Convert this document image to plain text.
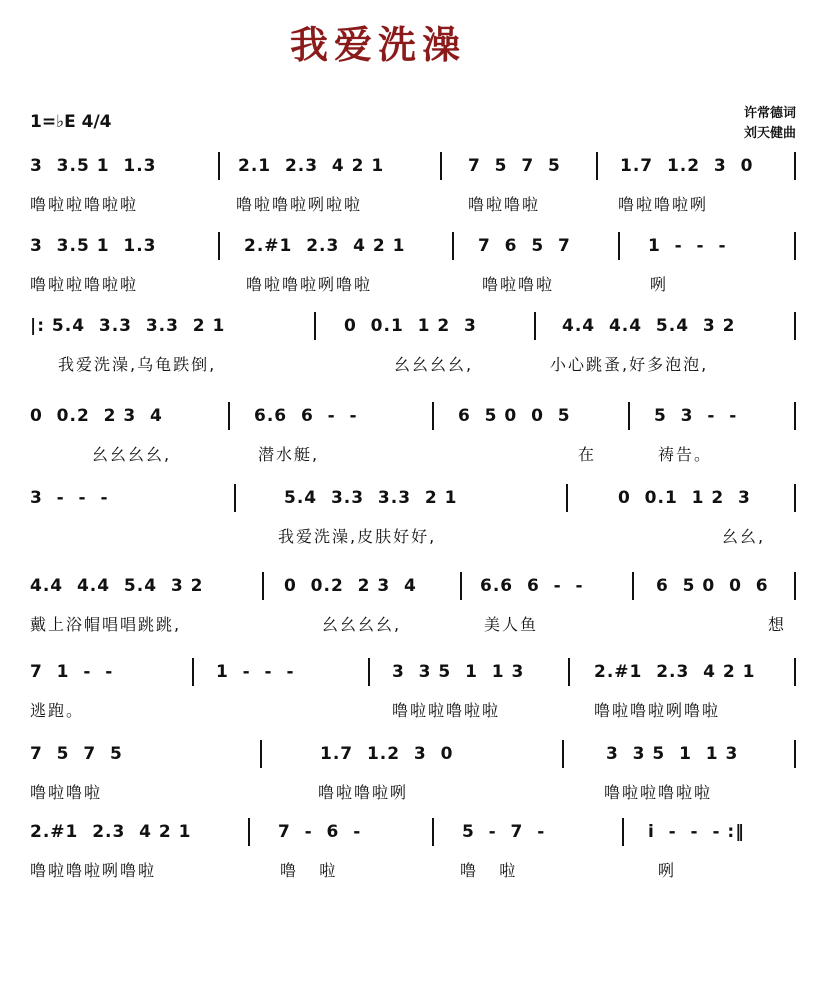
我爱洗澡
1=♭E 4/4	许常德词
刘天健曲

3  3.5 1  1.3

	2.1  2.3  4 2 1

	7  5  7  5

	1.7  1.2  3  0

噜啦啦噜啦啦

	噜啦噜啦咧啦啦

	噜啦噜啦

	噜啦噜啦咧

3  3.5 1  1.3

	2.#1  2.3  4 2 1

	7  6  5  7

	1  -  -  -

噜啦啦噜啦啦

	噜啦噜啦咧噜啦

	噜啦噜啦

	咧

|: 5.4  3.3  3.3  2 1

	0  0.1  1 2  3

	4.4  4.4  5.4  3 2

我爱洗澡,乌龟跌倒,

	幺幺幺幺,

	小心跳蚤,好多泡泡,

0  0.2  2 3  4

	6.6  6  -  -

	6  5 0  0  5

	5  3  -  -

幺幺幺幺,

	潜水艇,

	在

	祷告。

3  -  -  -

	5.4  3.3  3.3  2 1

	0  0.1  1 2  3

我爱洗澡,皮肤好好,

	幺幺,

4.4  4.4  5.4  3 2

	0  0.2  2 3  4

	6.6  6  -  -

	6  5 0  0  6

戴上浴帽唱唱跳跳,

	幺幺幺幺,

	美人鱼

	想

7  1  -  -

	1  -  -  -

	3  3 5  1  1 3

	2.#1  2.3  4 2 1

逃跑。

	噜啦啦噜啦啦

	噜啦噜啦咧噜啦

7  5  7  5

	1.7  1.2  3  0

	3  3 5  1  1 3

噜啦噜啦

	噜啦噜啦咧

	噜啦啦噜啦啦

2.#1  2.3  4 2 1

	7  -  6  -

	5  -  7  -

	i  -  -  - :‖

噜啦噜啦咧噜啦

	噜   啦

	噜   啦

	咧
